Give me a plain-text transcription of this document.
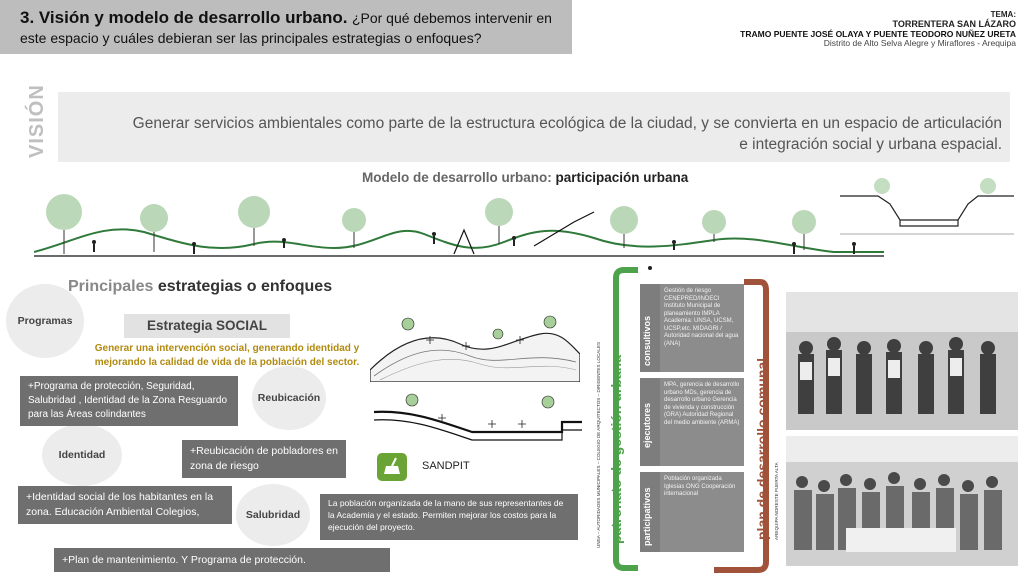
3. Visión y modelo de desarrollo urbano. ¿Por qué debemos intervenir en
este espacio y cuáles debieran ser las principales estrategias o enfoques?
TEMA:
TORRENTERA SAN LÁZARO
TRAMO PUENTE JOSÉ OLAYA Y PUENTE TEODORO NUÑEZ URETA
Distrito de Alto Selva Alegre y Miraflores - Arequipa
VISIÓN	Generar servicios ambientales como parte de la estructura ecológica de la ciudad, y se convierta en un espacio de articulación
e integración social y urbana espacial.
Modelo de desarrollo urbano: participación urbana
Principales estrategias o enfoques
Programas
Reubicación
Identidad
Salubridad
Estrategia SOCIAL
Generar una intervención social, generando identidad y mejorando la calidad de vida de la población del sector.
+Programa de protección, Seguridad, Salubridad , Identidad de la Zona Resguardo para las Áreas colindantes
+Reubicación de pobladores en zona de riesgo
+Identidad social de los habitantes en la zona. Educación Ambiental Colegios,
La población organizada de la mano de sus representantes de la Academia y el estado. Permiten mejorar los costos para la ejecución del proyecto.
+Plan de mantenimiento. Y Programa de protección.
SANDPIT
Gestión de riesgo CENEPRED/INDECI Instituto Municipal de planeamiento IMPLA Academia: UNSA, UCSM, UCSP,etc. MIDAGRI / Autoridad nacional del agua (ANA)
MPA, gerencia de desarrollo urbano MDs, gerencia de desarrollo urbano Gerencia de vivienda y construcción (GRA) Autoridad Regional del medio ambiente (ARMA)
Población organizada Iglesias ONG Cooperación internacional
consultivos
ejecutores
participativos
patronato de gestión urbana	plan de desarrollo comunal
UNSA – AUTORIDADES MUNICIPALES – COLEGIO DE ARQUITECTOS – DIRIGENTES LOCALES	AREQUIPA NORESTE PUERTA ALTA
